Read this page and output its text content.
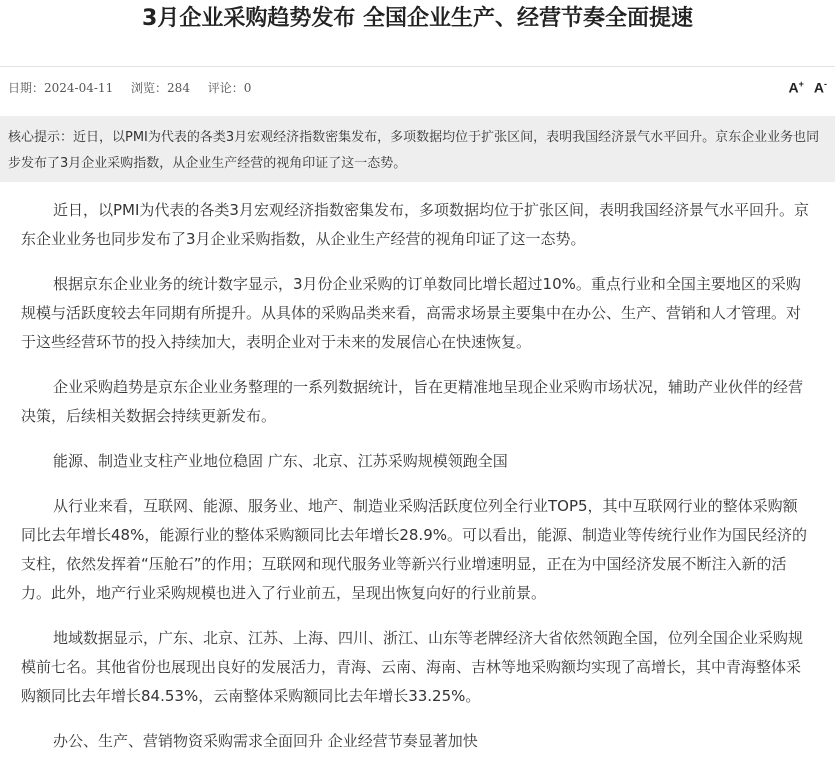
3月企业采购趋势发布 全国企业生产、经营节奏全面提速
日期：2024-04-11 浏览：284 评论：0	A+ A-
核心提示：近日，以PMI为代表的各类3月宏观经济指数密集发布，多项数据均位于扩张区间，表明我国经济景气水平回升。京东企业业务也同步发布了3月企业采购指数，从企业生产经营的视角印证了这一态势。

近日，以PMI为代表的各类3月宏观经济指数密集发布，多项数据均位于扩张区间，表明我国经济景气水平回升。京东企业业务也同步发布了3月企业采购指数，从企业生产经营的视角印证了这一态势。

根据京东企业业务的统计数字显示，3月份企业采购的订单数同比增长超过10%。重点行业和全国主要地区的采购规模与活跃度较去年同期有所提升。从具体的采购品类来看，高需求场景主要集中在办公、生产、营销和人才管理。对于这些经营环节的投入持续加大，表明企业对于未来的发展信心在快速恢复。

企业采购趋势是京东企业业务整理的一系列数据统计，旨在更精准地呈现企业采购市场状况，辅助产业伙伴的经营决策，后续相关数据会持续更新发布。

能源、制造业支柱产业地位稳固 广东、北京、江苏采购规模领跑全国

从行业来看，互联网、能源、服务业、地产、制造业采购活跃度位列全行业TOP5，其中互联网行业的整体采购额同比去年增长48%，能源行业的整体采购额同比去年增长28.9%。可以看出，能源、制造业等传统行业作为国民经济的支柱，依然发挥着“压舱石”的作用；互联网和现代服务业等新兴行业增速明显，正在为中国经济发展不断注入新的活力。此外，地产行业采购规模也进入了行业前五，呈现出恢复向好的行业前景。

地域数据显示，广东、北京、江苏、上海、四川、浙江、山东等老牌经济大省依然领跑全国，位列全国企业采购规模前七名。其他省份也展现出良好的发展活力，青海、云南、海南、吉林等地采购额均实现了高增长，其中青海整体采购额同比去年增长84.53%，云南整体采购额同比去年增长33.25%。

办公、生产、营销物资采购需求全面回升 企业经营节奏显著加快
